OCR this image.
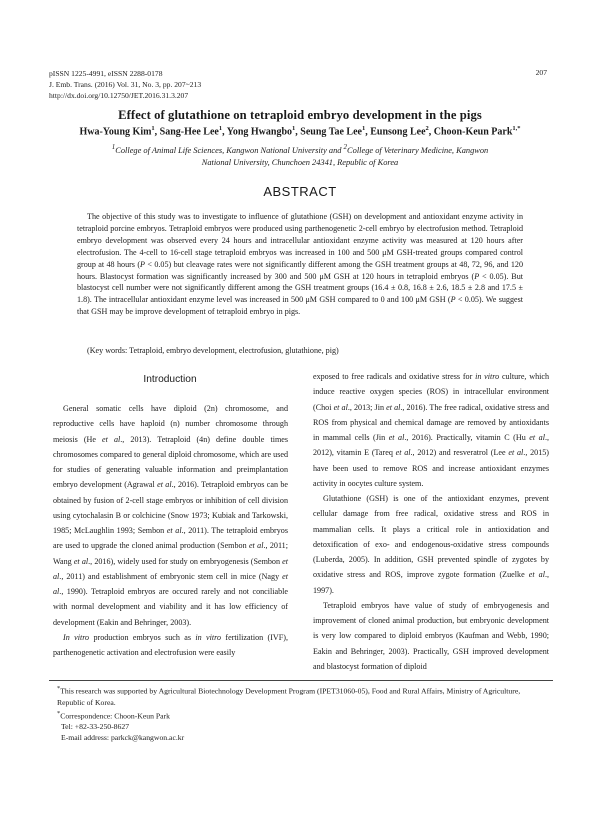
pISSN 1225-4991, eISSN 2288-0178
J. Emb. Trans. (2016) Vol. 31, No. 3, pp. 207~213
http://dx.doi.org/10.12750/JET.2016.31.3.207
207
Effect of glutathione on tetraploid embryo development in the pigs
Hwa-Young Kim$^1$, Sang-Hee Lee$^1$, Yong Hwangbo$^1$, Seung Tae Lee$^1$, Eunsong Lee$^2$, Choon-Keun Park$^{1,*}$
$^1$College of Animal Life Sciences, Kangwon National University and $^2$College of Veterinary Medicine, Kangwon
National University, Chunchoen 24341, Republic of Korea
ABSTRACT
The objective of this study was to investigate to influence of glutathione (GSH) on development and antioxidant enzyme activity in tetraploid porcine embryos. Tetraploid embryos were produced using parthenogenetic 2-cell embryo by electrofusion method. Tetraploid embryo development was observed every 24 hours and intracellular antioxidant enzyme activity was measured at 120 hours after electrofusion. The 4-cell to 16-cell stage tetraploid embryos was increased in 100 and 500 μM GSH-treated groups compared control group at 48 hours (P < 0.05) but cleavage rates were not significantly different among the GSH treatment groups at 48, 72, 96, and 120 hours. Blastocyst formation was significantly increased by 300 and 500 μM GSH at 120 hours in tetraploid embryos (P < 0.05). But blastocyst cell number were not significantly different among the GSH treatment groups (16.4 ± 0.8, 16.8 ± 2.6, 18.5 ± 2.8 and 17.5 ± 1.8). The intracellular antioxidant enzyme level was increased in 500 μM GSH compared to 0 and 100 μM GSH (P < 0.05). We suggest that GSH may be improve development of tetraploid embryo in pigs.
(Key words: Tetraploid, embryo development, electrofusion, glutathione, pig)
Introduction

General somatic cells have diploid (2n) chromosome, and reproductive cells have haploid (n) number chromosome through meiosis (He et al., 2013). Tetraploid (4n) define double times chromosomes compared to general diploid chromosome, which are used for studies of generating valuable information and preimplantation embryo development (Agrawal et al., 2016). Tetraploid embryos can be obtained by fusion of 2-cell stage embryos or inhibition of cell division using cytochalasin B or colchicine (Snow 1973; Kubiak and Tarkowski, 1985; McLaughlin 1993; Sembon et al., 2011). The tetraploid embryos are used to upgrade the cloned animal production (Sembon et al., 2011; Wang et al., 2016), widely used for study on embryogenesis (Sembon et al., 2011) and establishment of embryonic stem cell in mice (Nagy et al., 1990). Tetraploid embryos are occured rarely and not conciliable with normal development and viability and it has low efficiency of development (Eakin and Behringer, 2003).

In vitro production embryos such as in vitro fertilization (IVF), parthenogenetic activation and electrofusion were easily

exposed to free radicals and oxidative stress for in vitro culture, which induce reactive oxygen species (ROS) in intracellular environment (Choi et al., 2013; Jin et al., 2016). The free radical, oxidative stress and ROS from physical and chemical damage are removed by antioxidants in mammal cells (Jin et al., 2016). Practically, vitamin C (Hu et al., 2012), vitamin E (Tareq et al., 2012) and resveratrol (Lee et al., 2015) have been used to remove ROS and increase antioxidant enzymes activity in oocytes culture system.

Glutathione (GSH) is one of the antioxidant enzymes, prevent cellular damage from free radical, oxidative stress and ROS in mammalian cells. It plays a critical role in antioxidation and detoxification of exo- and endogenous-oxidative stress compounds (Luberda, 2005). In addition, GSH prevented spindle of zygotes by oxidative stress and ROS, improve zygote formation (Zuelke et al., 1997).

Tetraploid embryos have value of study of embryogenesis and improvement of cloned animal production, but embryonic development is very low compared to diploid embryos (Kaufman and Webb, 1990; Eakin and Behringer, 2003). Practically, GSH improved development and blastocyst formation of diploid

*This research was supported by Agricultural Biotechnology Development Program (IPET31060-05), Food and Rural Affairs, Ministry of Agriculture, Republic of Korea.
*Correspondence: Choon-Keun Park
Tel: +82-33-250-8627
E-mail address: parkck@kangwon.ac.kr
